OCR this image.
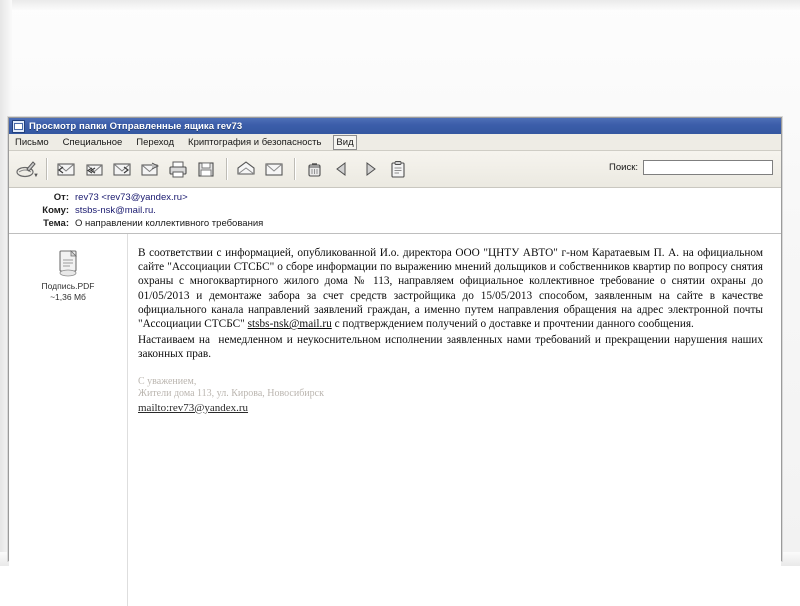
Просмотр папки Отправленные ящика rev73
Письмо Специальное Переход Криптография и безопасность	Вид
▼
Поиск:
От: rev73 <rev73@yandex.ru>
Кому: stsbs-nsk@mail.ru.
Тема: О направлении коллективного требования
Подпись.PDF
~1,36 Мб
В соответствии с информацией, опубликованной И.о. директора ООО "ЦНТУ АВТО" г-ном Каратаевым П. А. на официальном сайте "Ассоциации СТСБС" о сборе информации по выражению мнений дольщиков и собственников квартир по вопросу снятия охраны с многоквартирного жилого дома № 113, направляем официальное коллективное требование о снятии охраны до 01/05/2013 и демонтаже забора за счет средств застройщика до 15/05/2013 способом, заявленным на сайте в качестве официального канала направлений заявлений граждан, а именно путем направления обращения на адрес электронной почты "Ассоциации СТСБС" stsbs-nsk@mail.ru с подтверждением получений о доставке и прочтении данного сообщения.
Настаиваем на  немедленном и неукоснительном исполнении заявленных нами требований и прекращении нарушения наших законных прав.
С уважением,
Жители дома 113, ул. Кирова, Новосибирск
mailto:rev73@yandex.ru
